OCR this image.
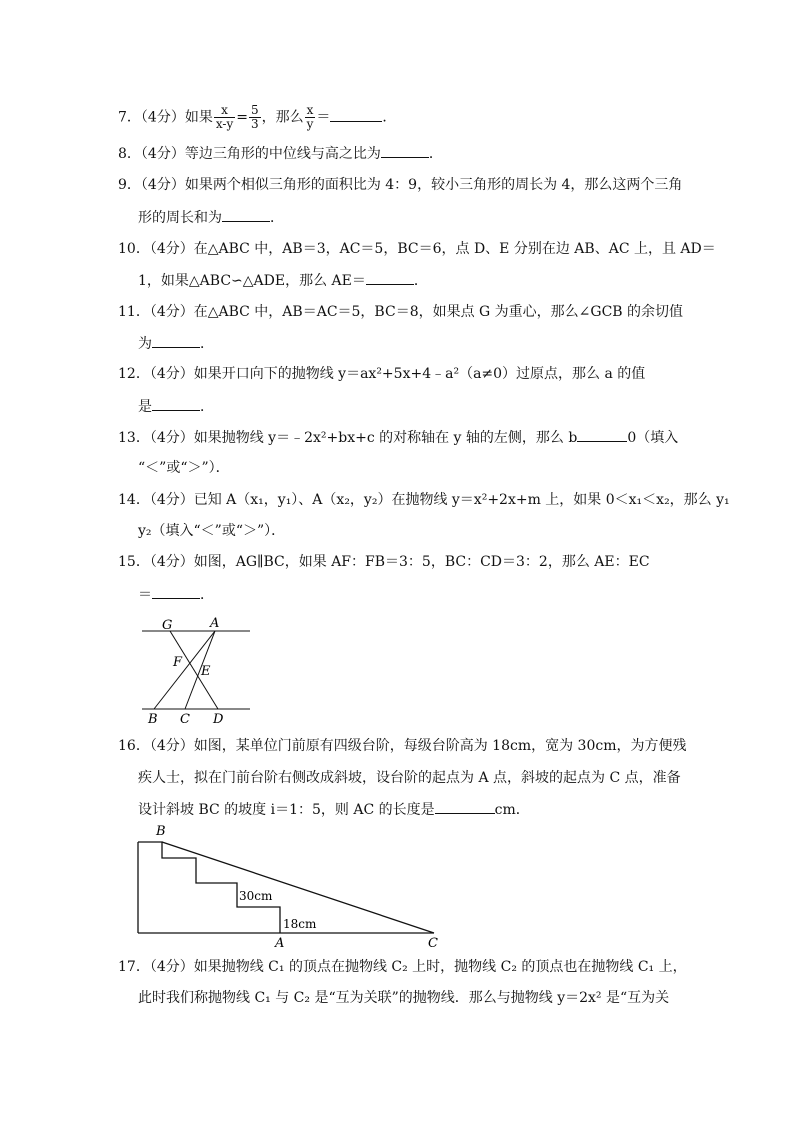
7．（4分）如果 $\frac{x}{x-y} = \frac{5}{3}$ ，那么 $\frac{x}{y}$ ＝	．
8．（4分）等边三角形的中位线与高之比为	．
9．（4分）如果两个相似三角形的面积比为 4：9，较小三角形的周长为 4，那么这两个三角
形的周长和为	．
10．（4分）在△ABC 中，AB＝3，AC＝5，BC＝6，点 D、E 分别在边 AB、AC 上，且 AD＝
1，如果△ABC∽△ADE，那么 AE＝	．
11．（4分）在△ABC 中，AB＝AC＝5，BC＝8，如果点 G 为重心，那么∠GCB 的余切值
为	．
12．（4分）如果开口向下的抛物线 y＝ax²+5x+4﹣a²（a≠0）过原点，那么 a 的值
是	．
13．（4分）如果抛物线 y＝﹣2x²+bx+c 的对称轴在 y 轴的左侧，那么 b	0（填入
“＜”或“＞”）．
14．（4分）已知 A（x₁，y₁）、A（x₂，y₂）在抛物线 y＝x²+2x+m 上，如果 0＜x₁＜x₂，那么 y₁
y₂（填入“＜”或“＞”）．
15．（4分）如图，AG∥BC，如果 AF：FB＝3：5，BC：CD＝3：2，那么 AE：EC
＝	．
G	A
F
E
B C D
16．（4分）如图，某单位门前原有四级台阶，每级台阶高为 18cm，宽为 30cm，为方便残
疾人士，拟在门前台阶右侧改成斜坡，设台阶的起点为 A 点，斜坡的起点为 C 点，准备
设计斜坡 BC 的坡度 i＝1：5，则 AC 的长度是	cm．
B
30cm
18cm
A	C
17．（4分）如果抛物线 C₁ 的顶点在抛物线 C₂ 上时，抛物线 C₂ 的顶点也在抛物线 C₁ 上，
此时我们称抛物线 C₁ 与 C₂ 是“互为关联”的抛物线．那么与抛物线 y＝2x² 是“互为关
